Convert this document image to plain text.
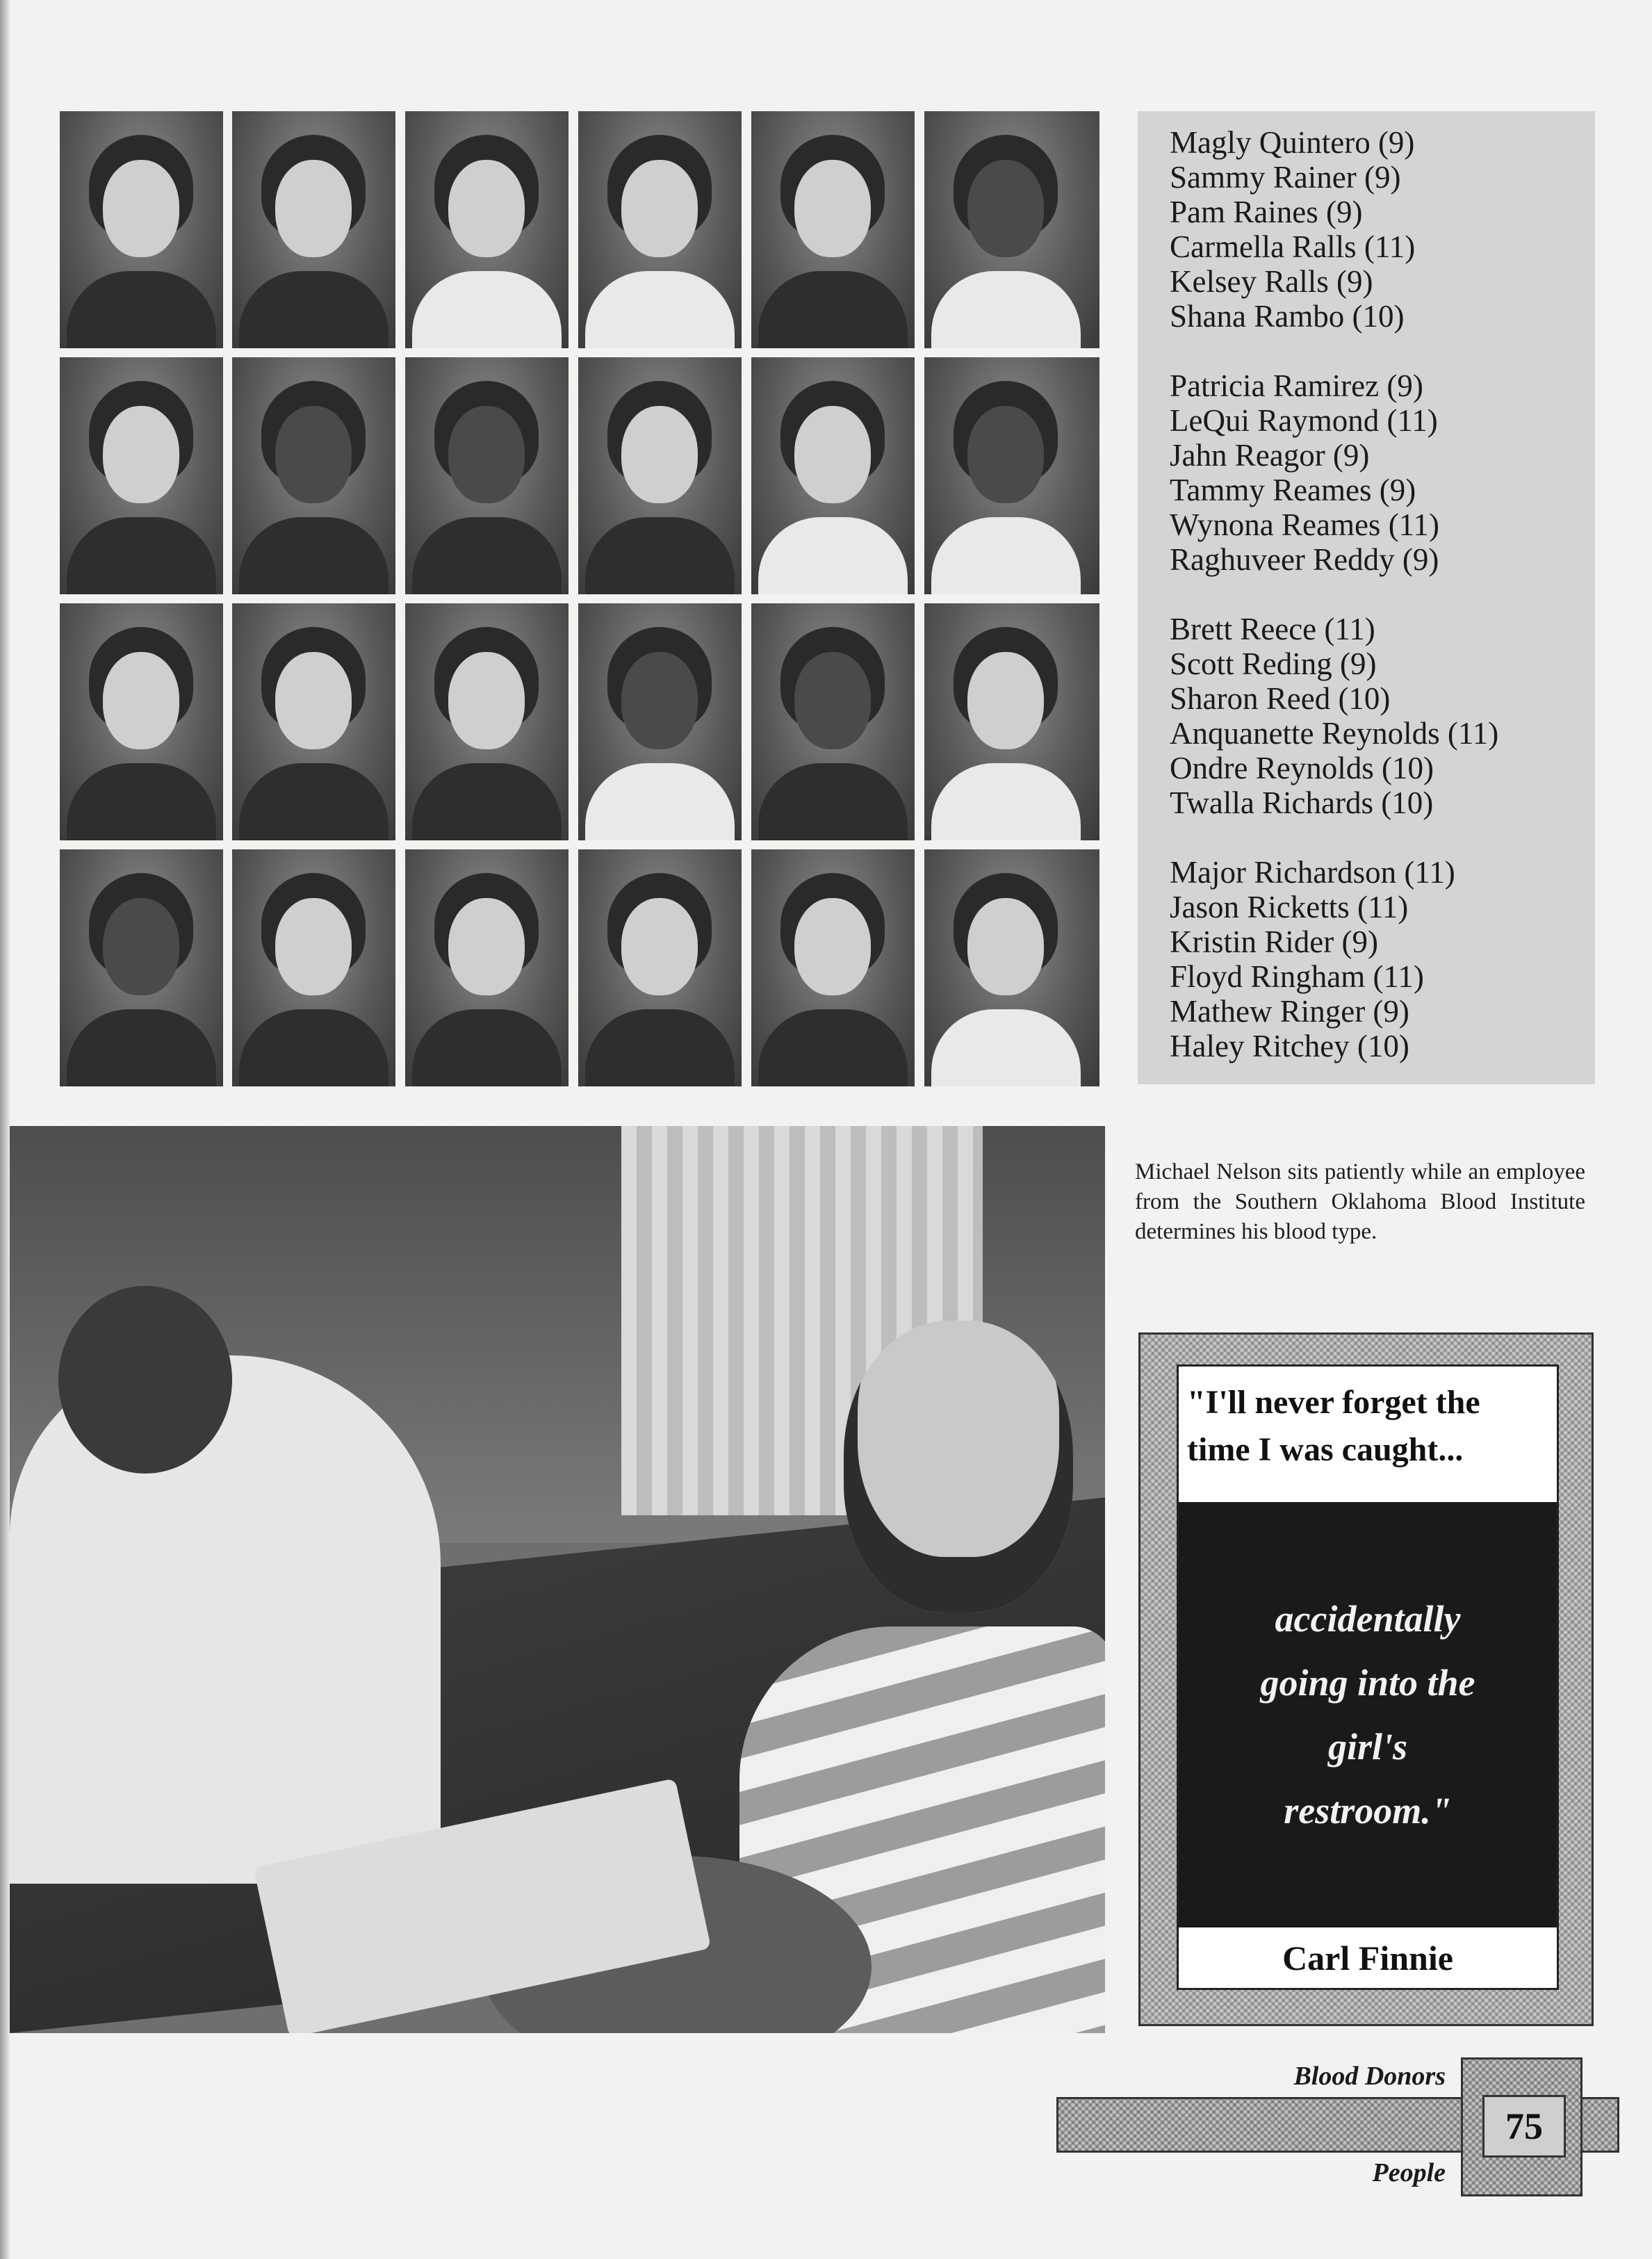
Magly Quintero (9)
Sammy Rainer (9)
Pam Raines (9)
Carmella Ralls (11)
Kelsey Ralls (9)
Shana Rambo (10)
Patricia Ramirez (9)
LeQui Raymond (11)
Jahn Reagor (9)
Tammy Reames (9)
Wynona Reames (11)
Raghuveer Reddy (9)
Brett Reece (11)
Scott Reding (9)
Sharon Reed (10)
Anquanette Reynolds (11)
Ondre Reynolds (10)
Twalla Richards (10)
Major Richardson (11)
Jason Ricketts (11)
Kristin Rider (9)
Floyd Ringham (11)
Mathew Ringer (9)
Haley Ritchey (10)
Michael Nelson sits patiently while an employee from the Southern Oklahoma Blood Institute determines his blood type.
"I'll never forget the time I was caught...
accidentally going into the girl's restroom."
Carl Finnie
75
Blood Donors
People
